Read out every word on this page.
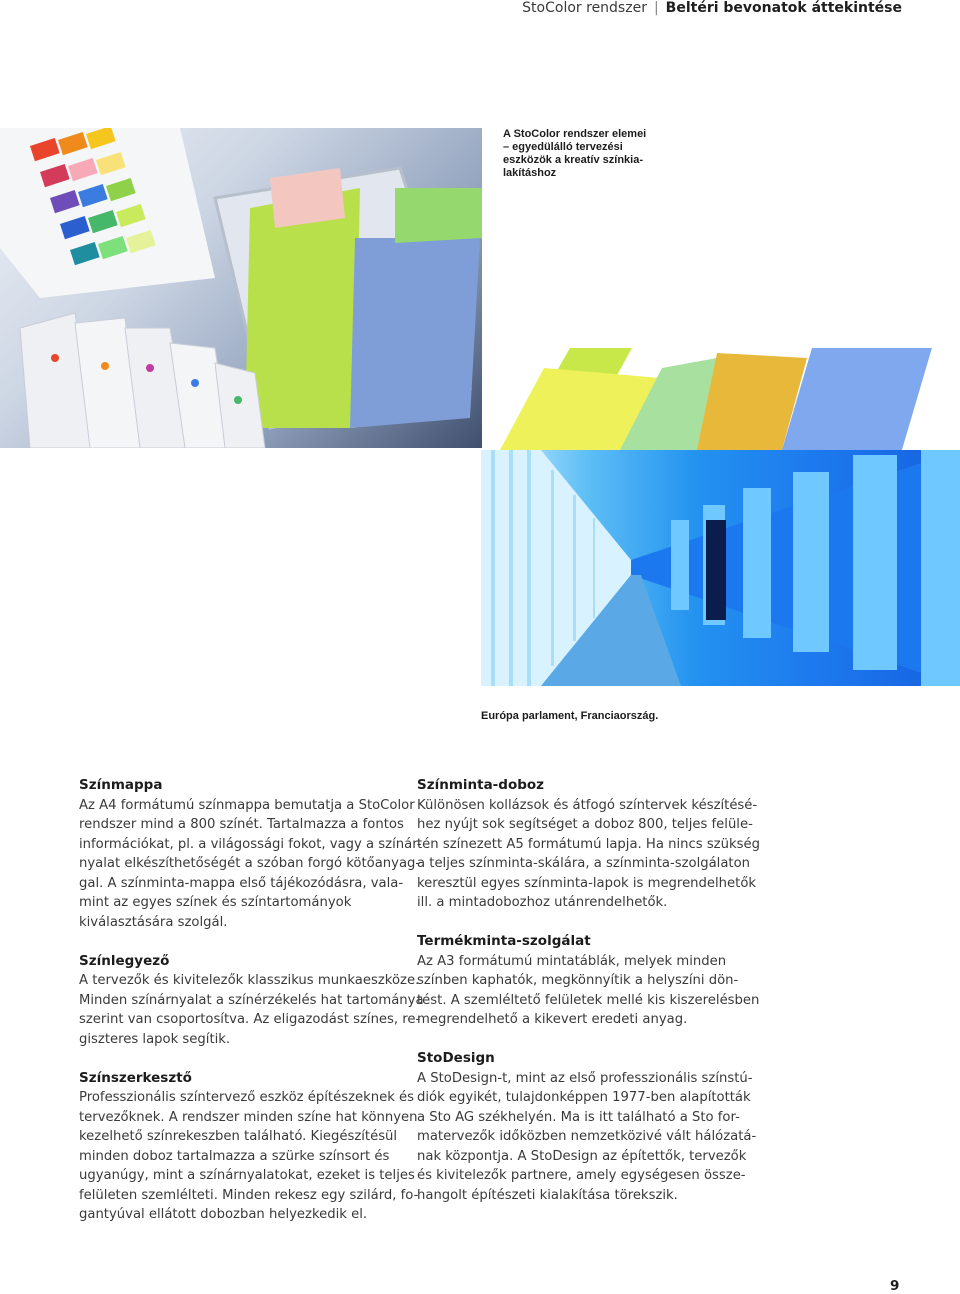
StoColor rendszer | Beltéri bevonatok áttekintése
A StoColor rendszer elemei
– egyedülálló tervezési
eszközök a kreatív színkia-
lakításhoz
Európa parlament, Franciaország.
Színmappa
Az A4 formátumú színmappa bemutatja a StoColor
rendszer mind a 800 színét. Tartalmazza a fontos
információkat, pl. a világossági fokot, vagy a színár-
nyalat elkészíthetőségét a szóban forgó kötőanyag-
gal. A színminta-mappa első tájékozódásra, vala-
mint az egyes színek és színtartományok
kiválasztására szolgál.
Színlegyező
A tervezők és kivitelezők klasszikus munkaeszköze.
Minden színárnyalat a színérzékelés hat tartománya
szerint van csoportosítva. Az eligazodást színes, re-
giszteres lapok segítik.
Színszerkesztő
Professzionális színtervező eszköz építészeknek és
tervezőknek. A rendszer minden színe hat könnyen
kezelhető színrekeszben található. Kiegészítésül
minden doboz tartalmazza a szürke színsort és
ugyanúgy, mint a színárnyalatokat, ezeket is teljes
felületen szemlélteti. Minden rekesz egy szilárd, fo-
gantyúval ellátott dobozban helyezkedik el.
Színminta-doboz
Különösen kollázsok és átfogó színtervek készítésé-
hez nyújt sok segítséget a doboz 800, teljes felüle-
tén színezett A5 formátumú lapja. Ha nincs szükség
a teljes színminta-skálára, a színminta-szolgálaton
keresztül egyes színminta-lapok is megrendelhetők
ill. a mintadobozhoz utánrendelhetők.
Termékminta-szolgálat
Az A3 formátumú mintatáblák, melyek minden
színben kaphatók, megkönnyítik a helyszíni dön-
tést. A szemléltető felületek mellé kis kiszerelésben
megrendelhető a kikevert eredeti anyag.
StoDesign
A StoDesign-t, mint az első professzionális színstú-
diók egyikét, tulajdonképpen 1977-ben alapították
a Sto AG székhelyén. Ma is itt található a Sto for-
matervezők időközben nemzetközivé vált hálózatá-
nak központja. A StoDesign az építettők, tervezők
és kivitelezők partnere, amely egységesen össze-
hangolt építészeti kialakítása törekszik.
9
